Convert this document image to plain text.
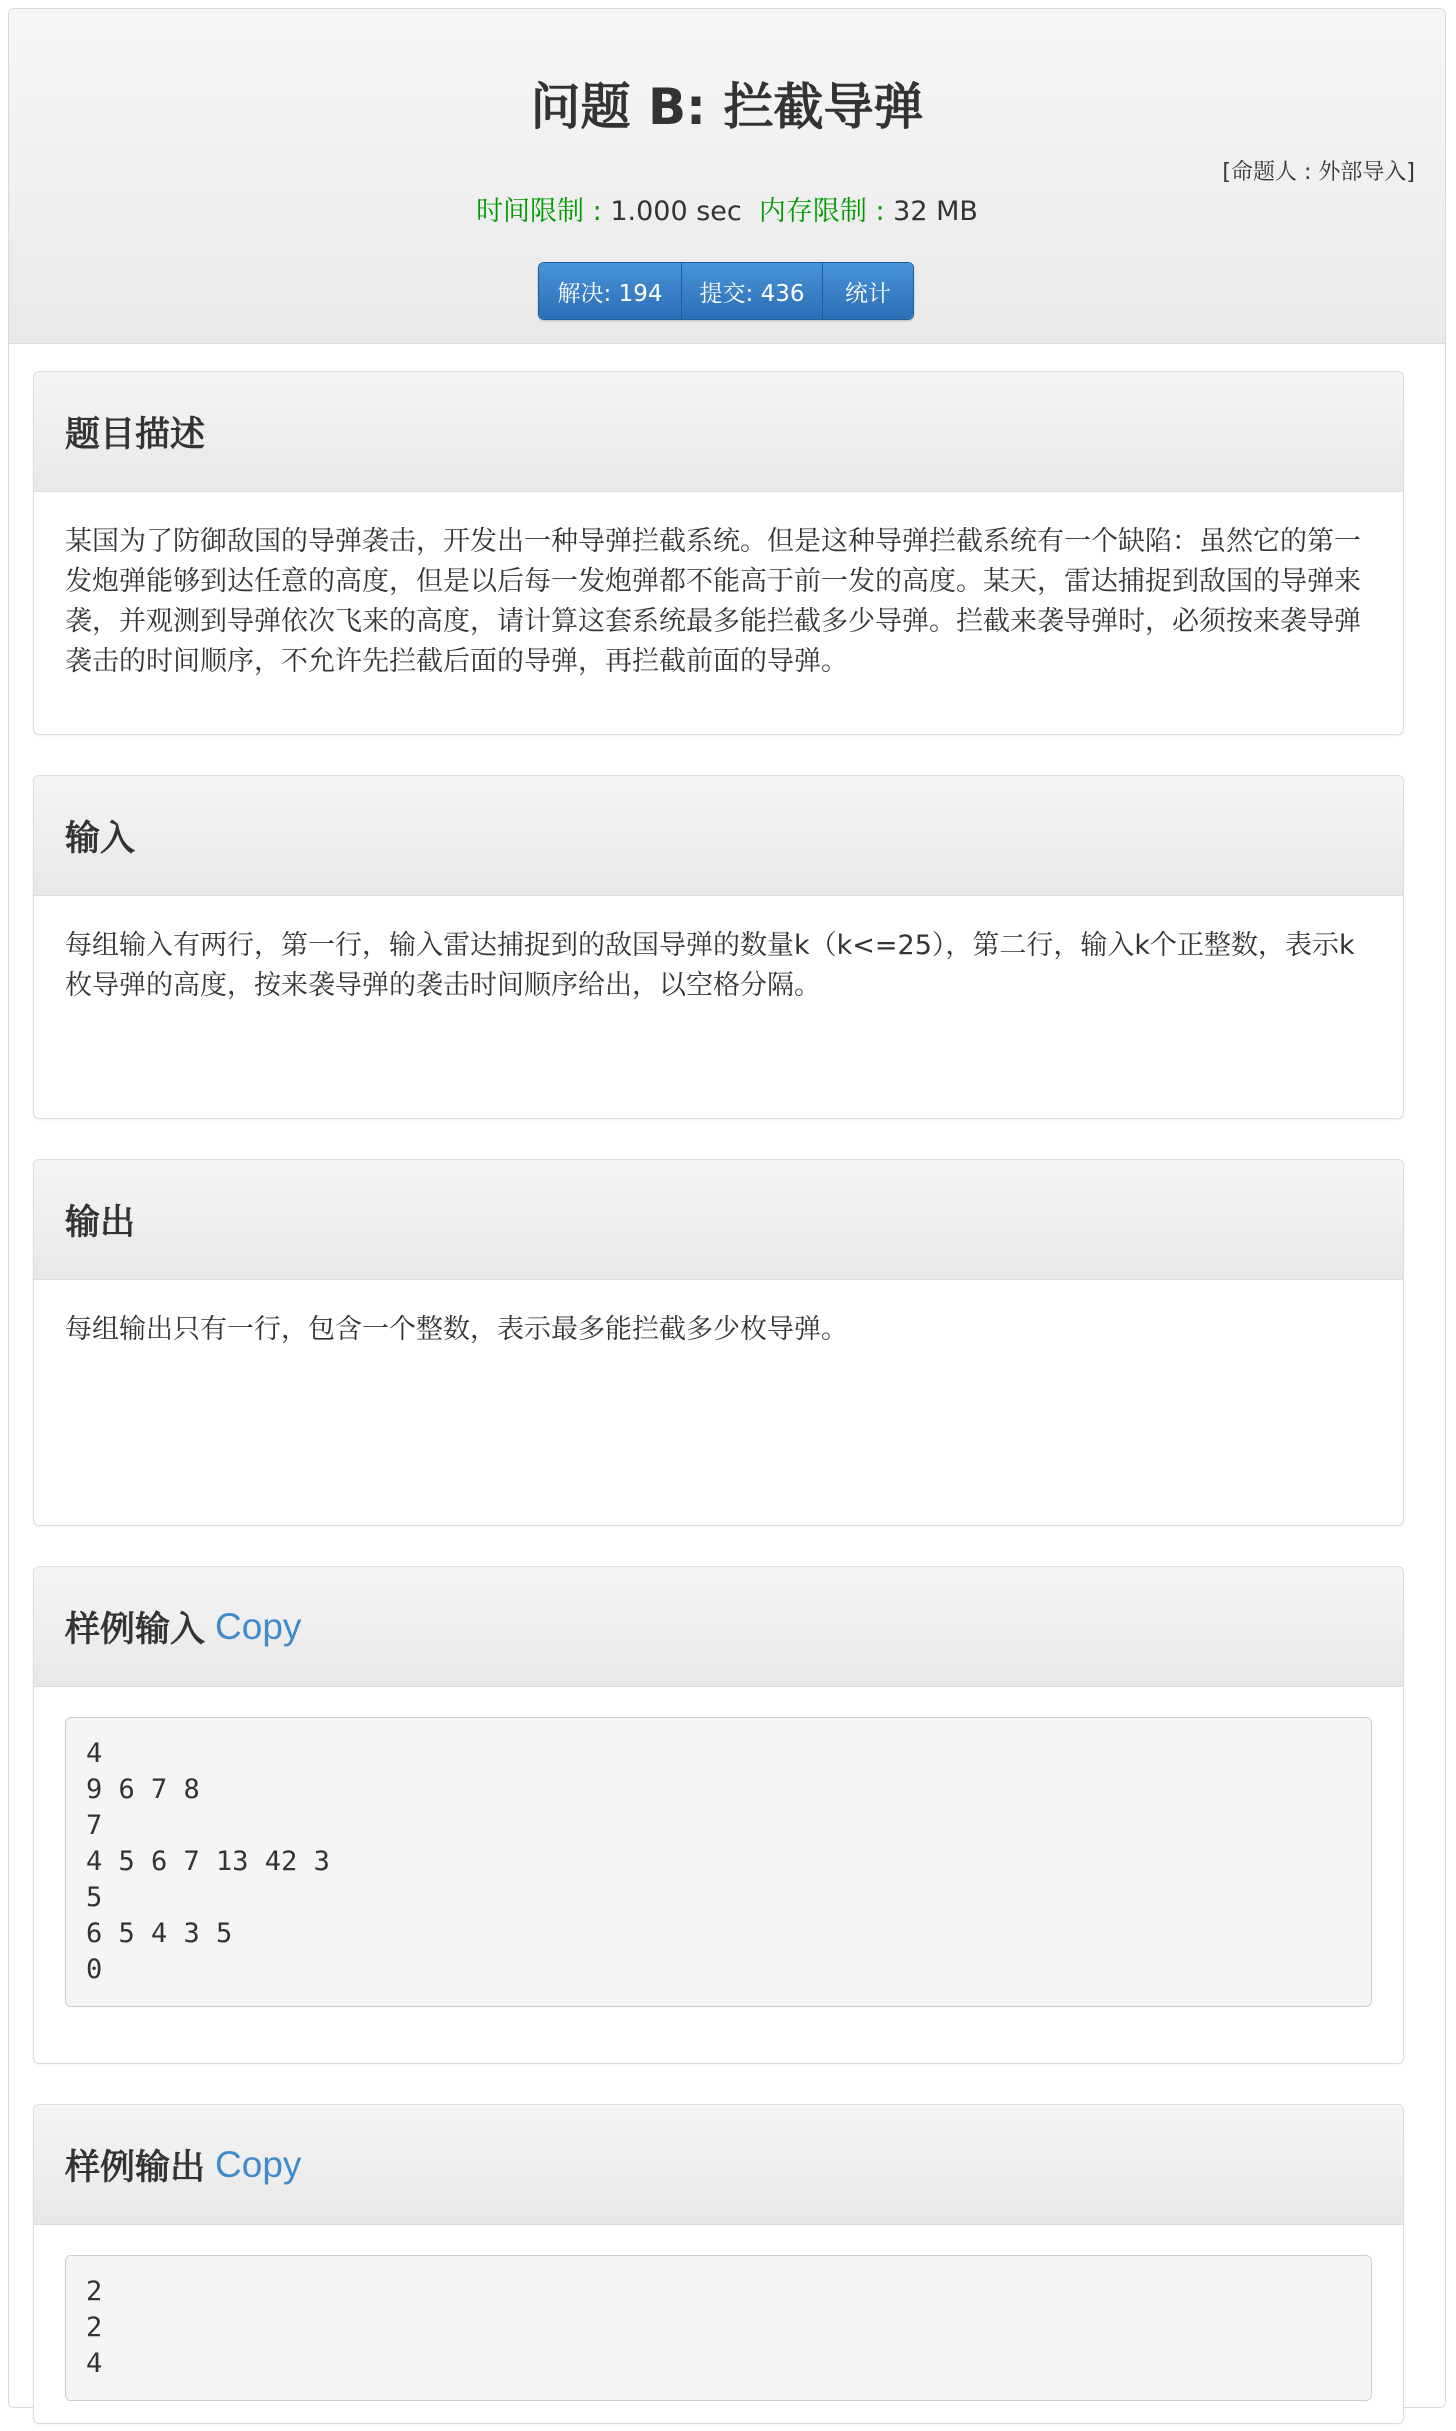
问题 B: 拦截导弹
[命题人 : 外部导入]
时间限制 : 1.000 sec 内存限制 : 32 MB
解决: 194	提交: 436	统计
题目描述
某国为了防御敌国的导弹袭击，开发出一种导弹拦截系统。但是这种导弹拦截系统有一个缺陷：虽然它的第一发炮弹能够到达任意的高度，但是以后每一发炮弹都不能高于前一发的高度。某天，雷达捕捉到敌国的导弹来袭，并观测到导弹依次飞来的高度，请计算这套系统最多能拦截多少导弹。拦截来袭导弹时，必须按来袭导弹袭击的时间顺序，不允许先拦截后面的导弹，再拦截前面的导弹。
输入
每组输入有两行，第一行，输入雷达捕捉到的敌国导弹的数量k（k<=25），第二行，输入k个正整数，表示k枚导弹的高度，按来袭导弹的袭击时间顺序给出，以空格分隔。
输出
每组输出只有一行，包含一个整数，表示最多能拦截多少枚导弹。
样例输入 Copy
4
9 6 7 8
7
4 5 6 7 13 42 3
5
6 5 4 3 5
0
样例输出 Copy
2
2
4
